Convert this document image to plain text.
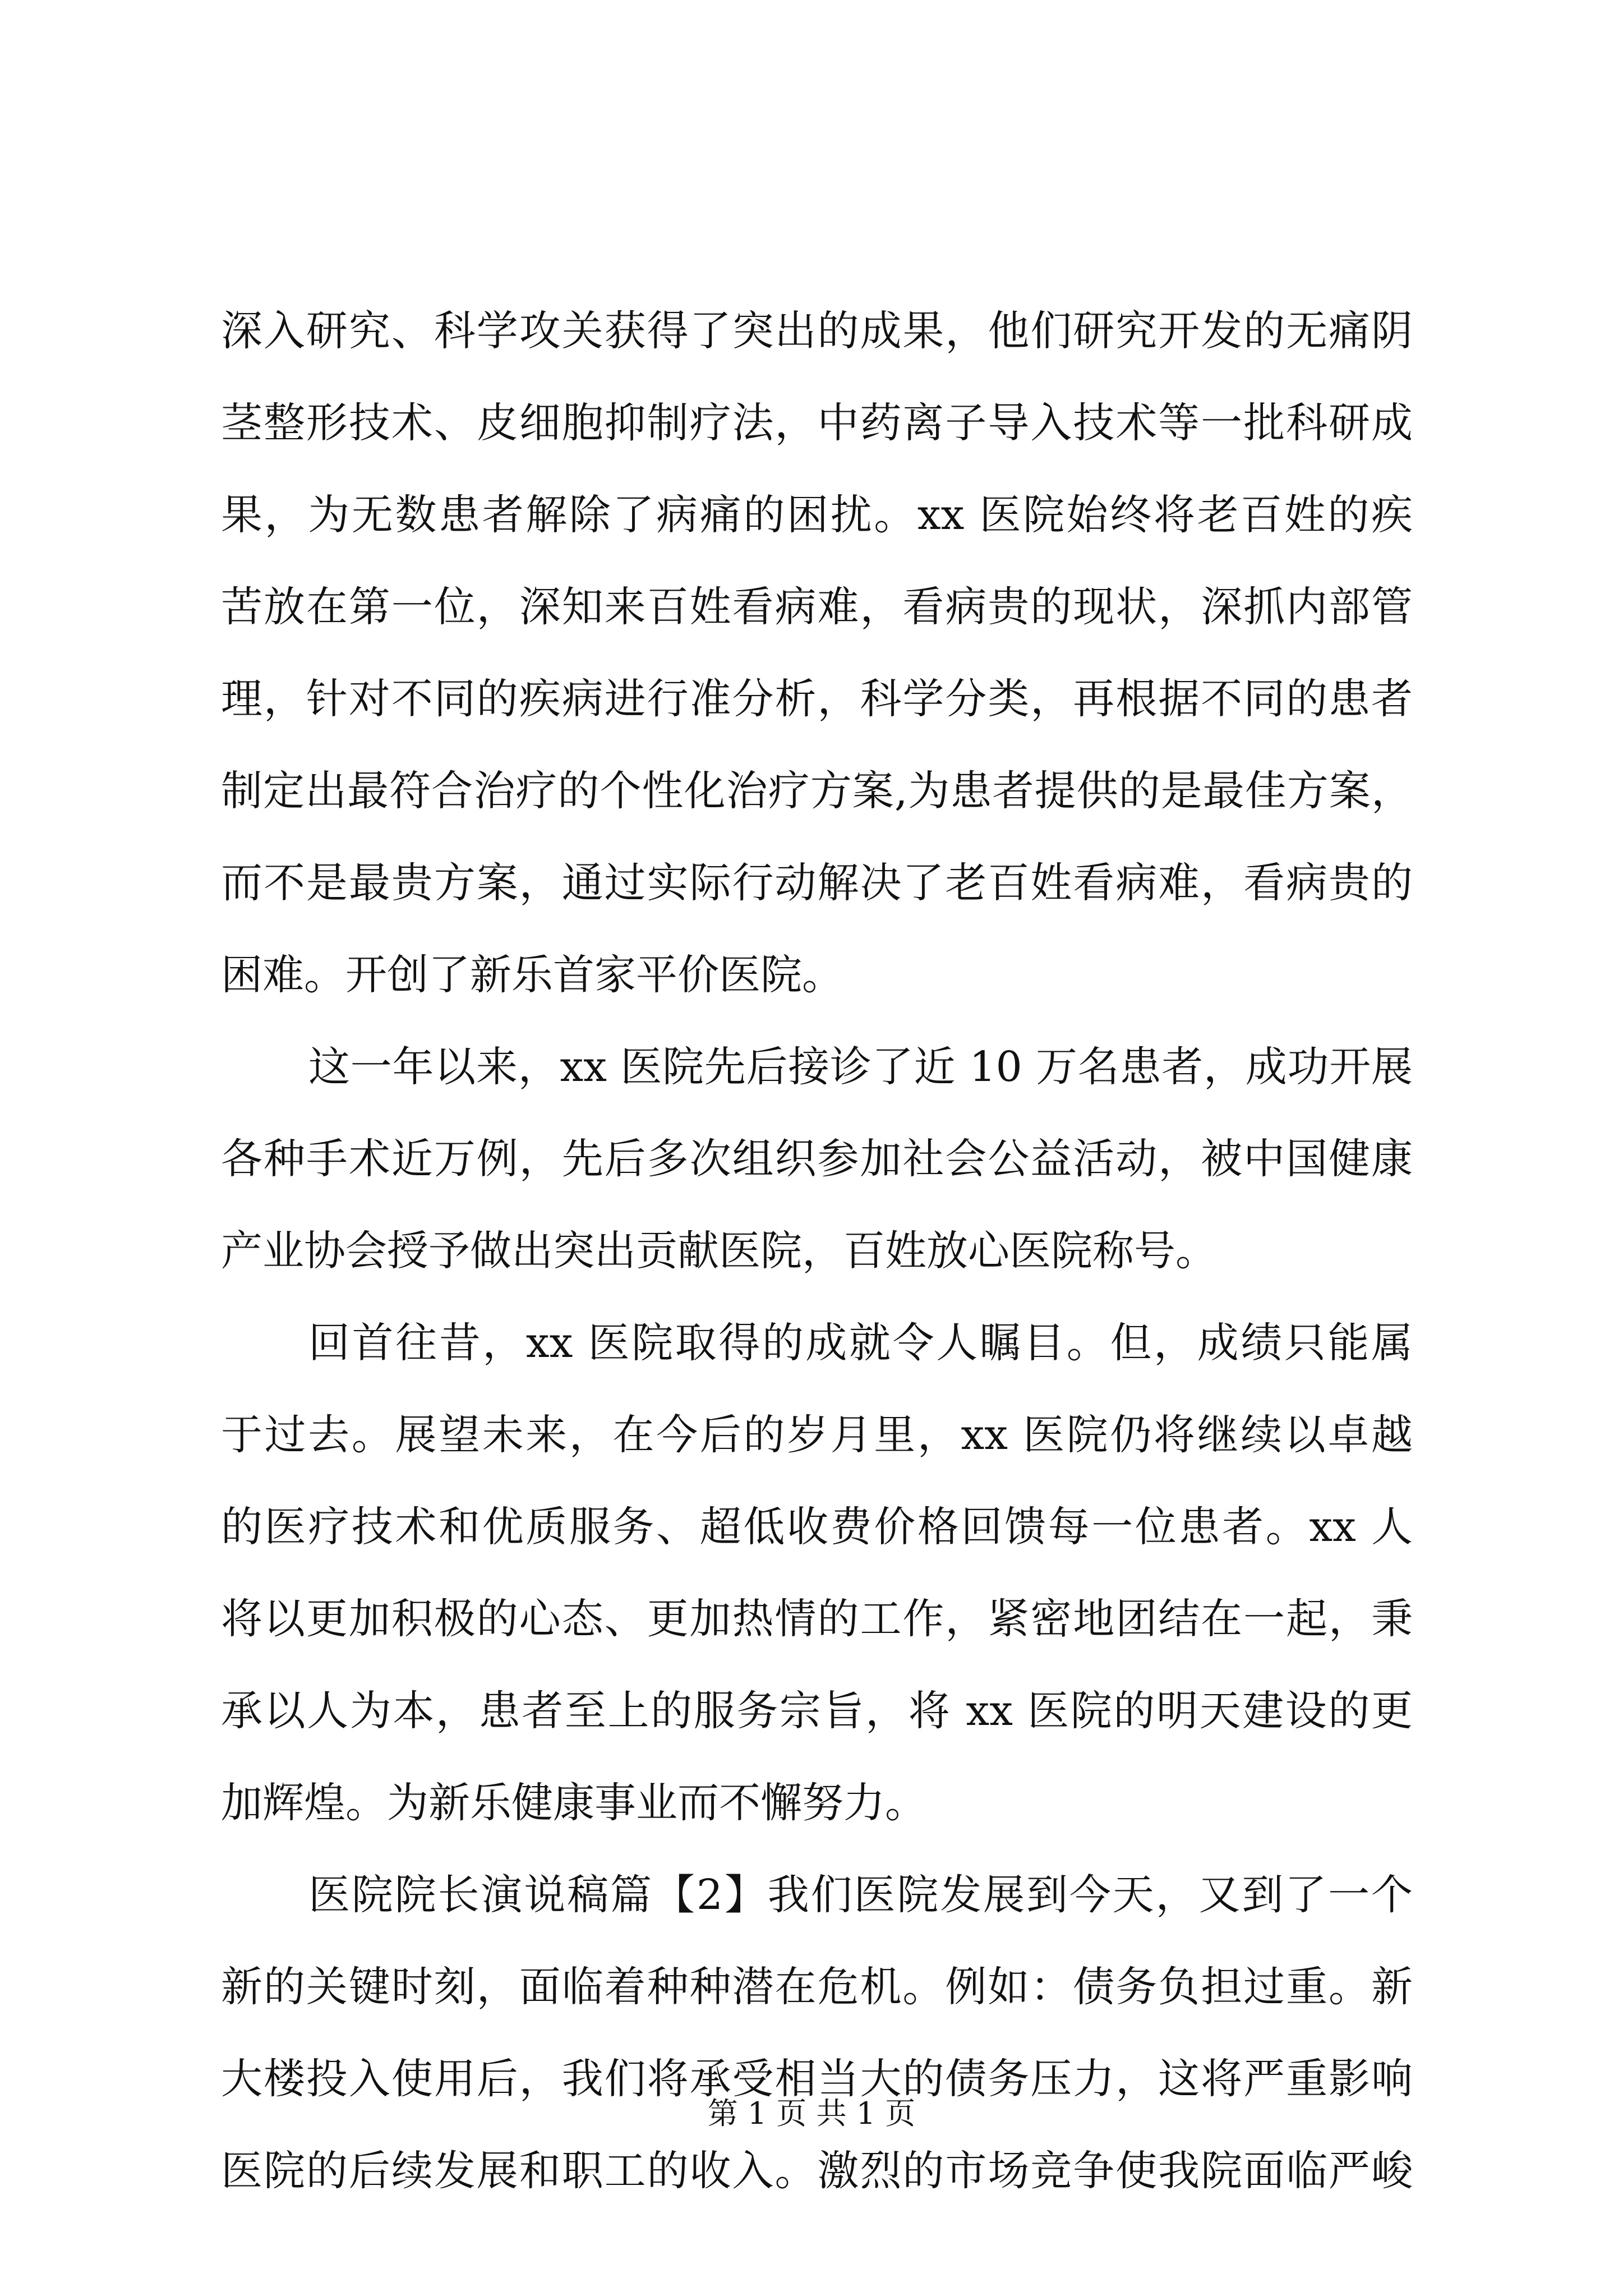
深入研究、科学攻关获得了突出的成果，他们研究开发的无痛阴
茎整形技术、皮细胞抑制疗法，中药离子导入技术等一批科研成
果，为无数患者解除了病痛的困扰。xx 医院始终将老百姓的疾
苦放在第一位，深知来百姓看病难，看病贵的现状，深抓内部管
理，针对不同的疾病进行准分析，科学分类，再根据不同的患者
制定出最符合治疗的个性化治疗方案,为患者提供的是最佳方案，
而不是最贵方案，通过实际行动解决了老百姓看病难，看病贵的
困难。开创了新乐首家平价医院。
这一年以来，xx 医院先后接诊了近 10 万名患者，成功开展
各种手术近万例，先后多次组织参加社会公益活动，被中国健康
产业协会授予做出突出贡献医院，百姓放心医院称号。
回首往昔，xx 医院取得的成就令人瞩目。但，成绩只能属
于过去。展望未来，在今后的岁月里，xx 医院仍将继续以卓越
的医疗技术和优质服务、超低收费价格回馈每一位患者。xx 人
将以更加积极的心态、更加热情的工作，紧密地团结在一起，秉
承以人为本，患者至上的服务宗旨，将 xx 医院的明天建设的更
加辉煌。为新乐健康事业而不懈努力。
医院院长演说稿篇【2】我们医院发展到今天，又到了一个
新的关键时刻，面临着种种潜在危机。例如：债务负担过重。新
大楼投入使用后，我们将承受相当大的债务压力，这将严重影响
医院的后续发展和职工的收入。激烈的市场竞争使我院面临严峻
第 1 页 共 1 页
